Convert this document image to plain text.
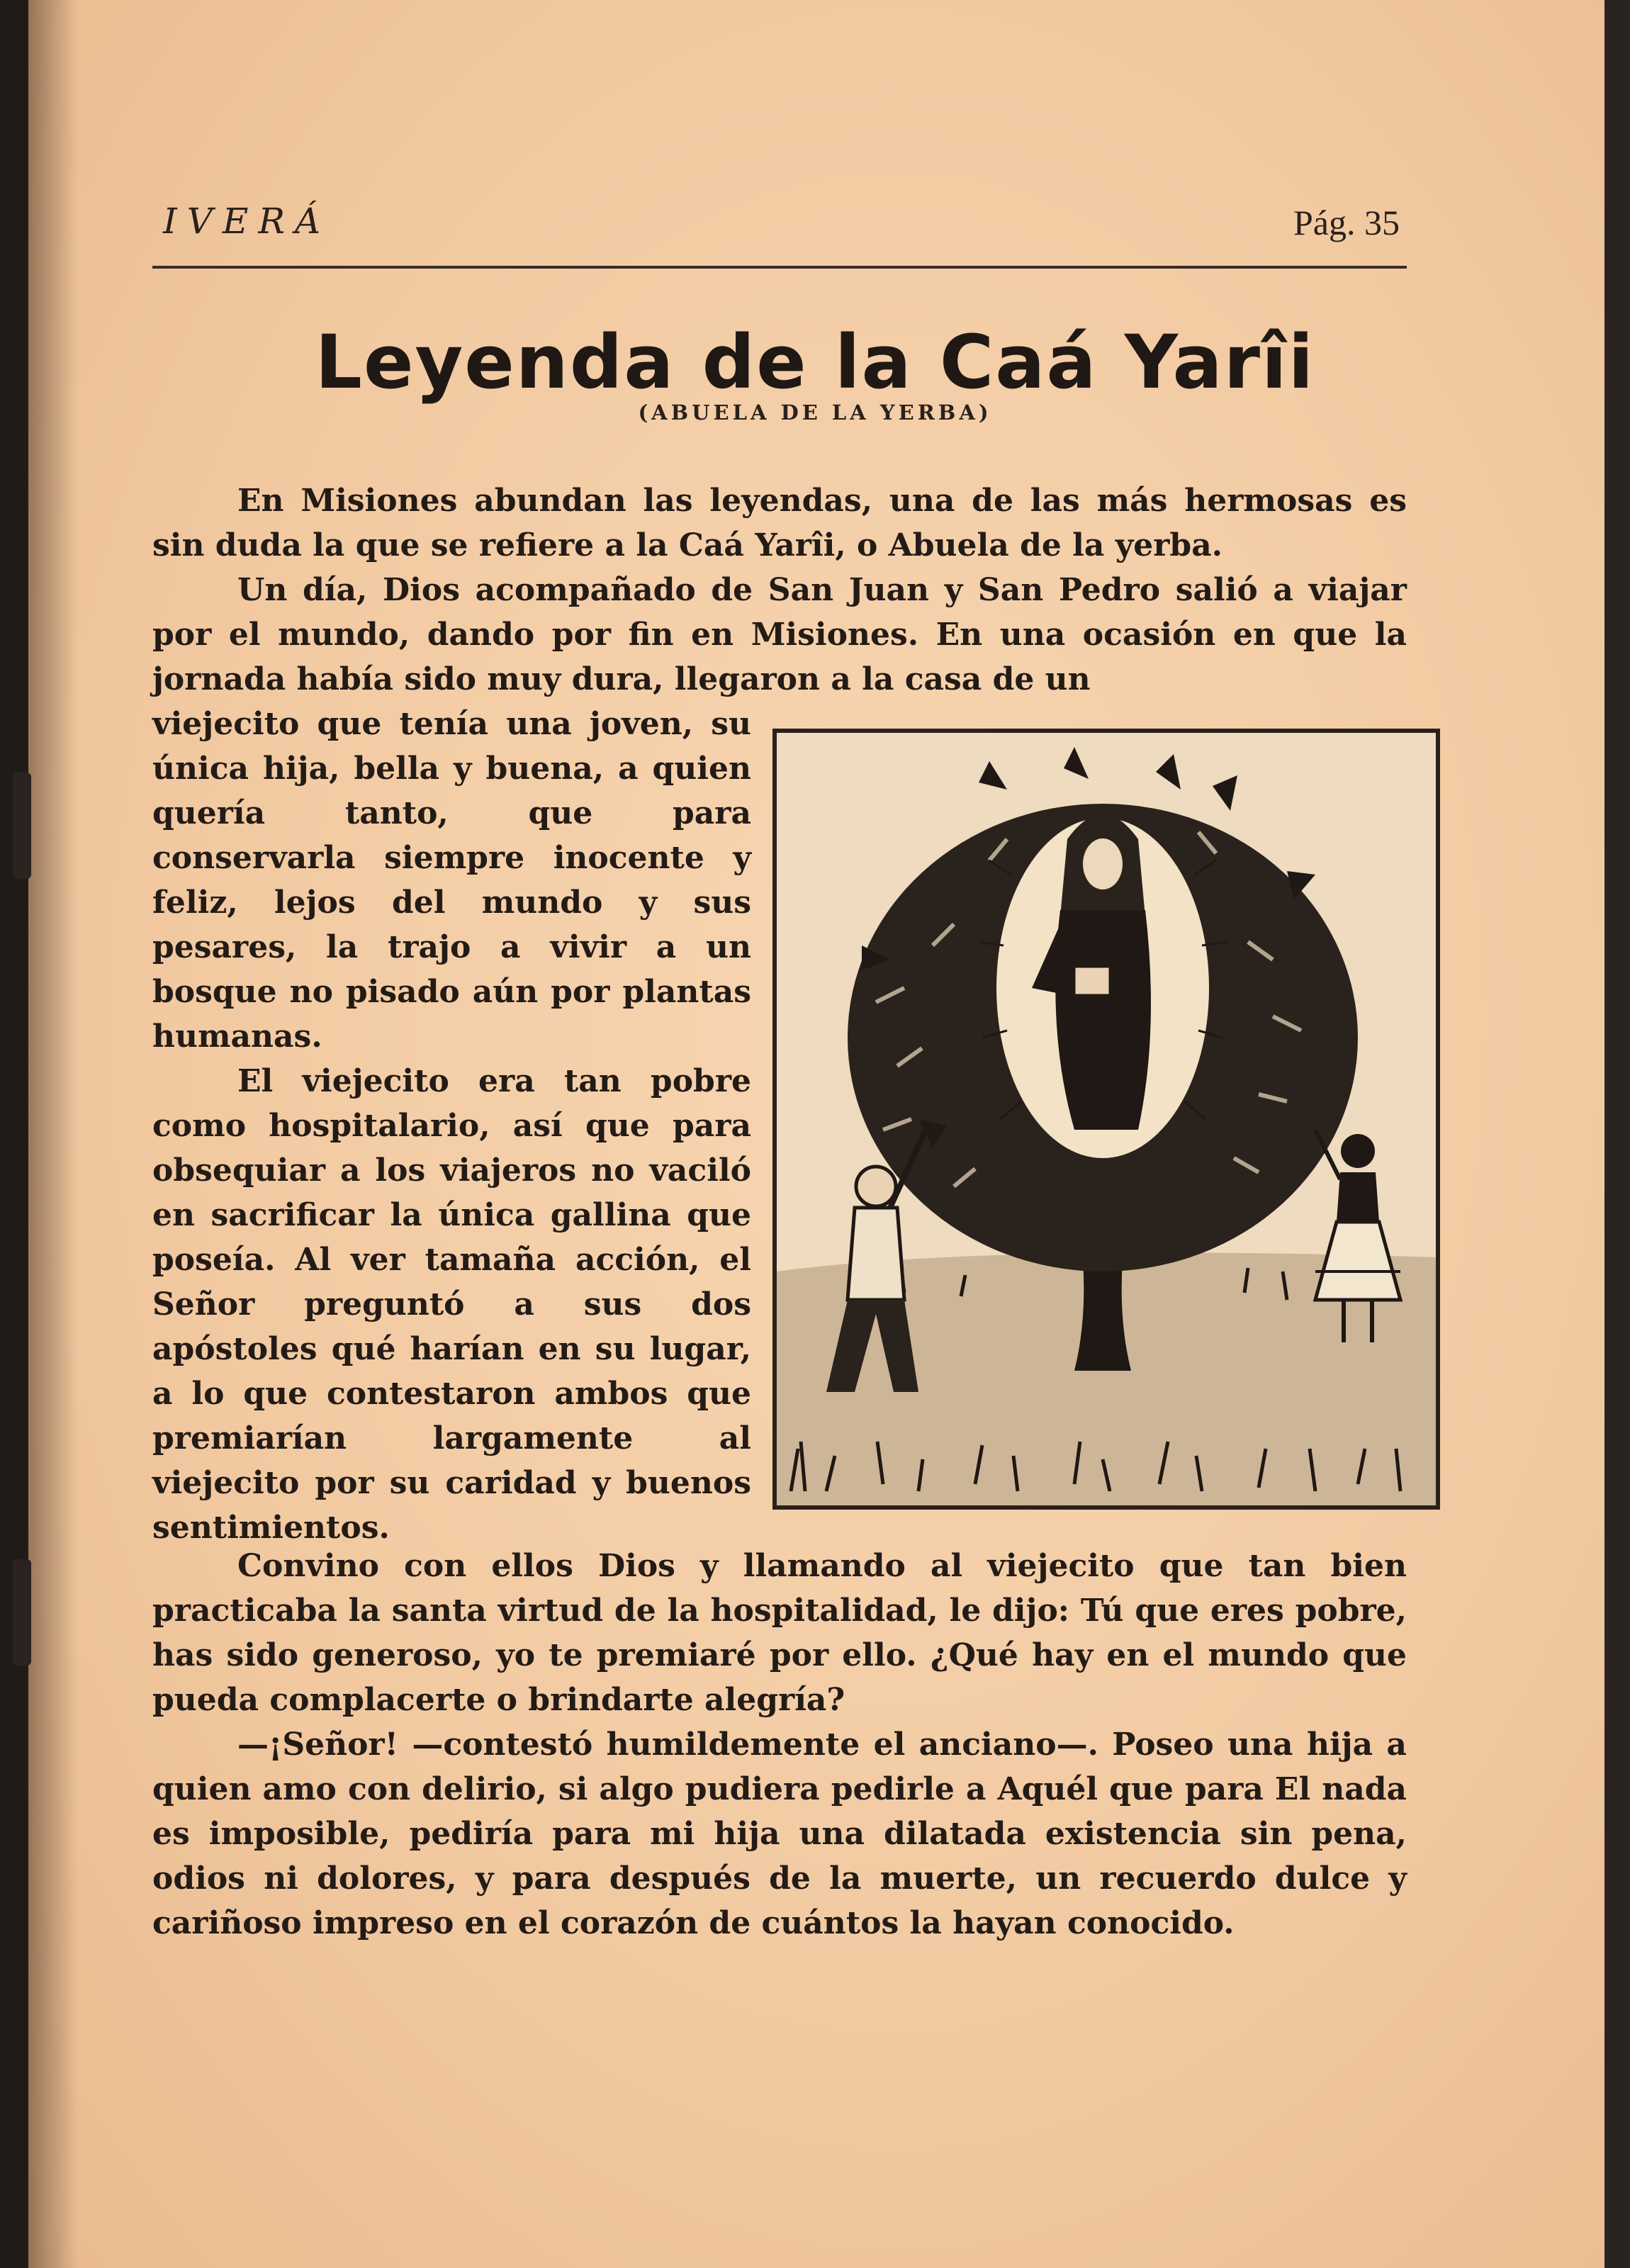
IVERÁ	Pág. 35
Leyenda de la Caá Yarîi

(ABUELA DE LA YERBA)

En Misiones abundan las leyendas, una de las más hermosas es sin duda la que se refiere a la Caá Yarîi, o Abuela de la yerba.

Un día, Dios acompañado de San Juan y San Pedro salió a viajar por el mundo, dando por fin en Misiones. En una ocasión en que la jornada había sido muy dura, llegaron a la casa de un

viejecito que tenía una joven, su única hija, bella y buena, a quien quería tanto, que para conservarla siempre inocente y feliz, lejos del mundo y sus pesares, la trajo a vivir a un bosque no pisado aún por plantas humanas.

El viejecito era tan pobre como hospitalario, así que para obsequiar a los viajeros no vaciló en sacrificar la única gallina que poseía. Al ver tamaña acción, el Señor preguntó a sus dos apóstoles qué harían en su lugar, a lo que contestaron ambos que premiarían largamente al viejecito por su caridad y buenos sentimientos.

Convino con ellos Dios y llamando al viejecito que tan bien practicaba la santa virtud de la hospitalidad, le dijo: Tú que eres pobre, has sido generoso, yo te premiaré por ello. ¿Qué hay en el mundo que pueda complacerte o brindarte alegría?

—¡Señor! —contestó humildemente el anciano—. Poseo una hija a quien amo con delirio, si algo pudiera pedirle a Aquél que para El nada es imposible, pediría para mi hija una dilatada existencia sin pena, odios ni dolores, y para después de la muerte, un recuerdo dulce y cariñoso impreso en el corazón de cuántos la hayan conocido.
